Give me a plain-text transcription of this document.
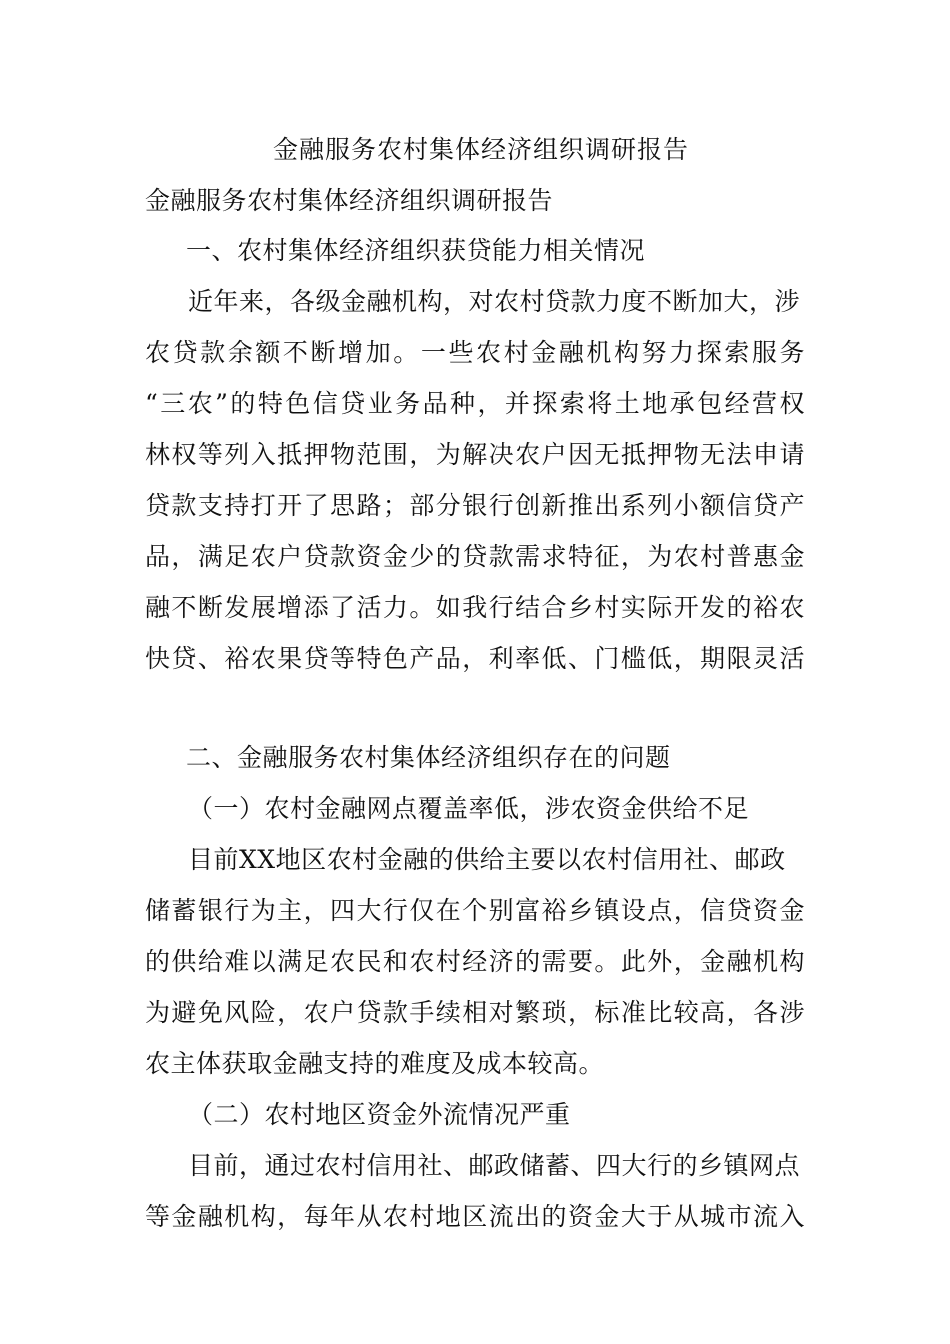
金融服务农村集体经济组织调研报告
金融服务农村集体经济组织调研报告
一、农村集体经济组织获贷能力相关情况
近年来，各级金融机构，对农村贷款力度不断加大，涉
农贷款余额不断增加。一些农村金融机构努力探索服务
“三农”的特色信贷业务品种，并探索将土地承包经营权
林权等列入抵押物范围，为解决农户因无抵押物无法申请
贷款支持打开了思路；部分银行创新推出系列小额信贷产
品，满足农户贷款资金少的贷款需求特征，为农村普惠金
融不断发展增添了活力。如我行结合乡村实际开发的裕农
快贷、裕农果贷等特色产品，利率低、门槛低，期限灵活
二、金融服务农村集体经济组织存在的问题
（一）农村金融网点覆盖率低，涉农资金供给不足
目前XX地区农村金融的供给主要以农村信用社、邮政
储蓄银行为主，四大行仅在个别富裕乡镇设点，信贷资金
的供给难以满足农民和农村经济的需要。此外，金融机构
为避免风险，农户贷款手续相对繁琐，标准比较高，各涉
农主体获取金融支持的难度及成本较高。
（二）农村地区资金外流情况严重
目前，通过农村信用社、邮政储蓄、四大行的乡镇网点
等金融机构，每年从农村地区流出的资金大于从城市流入
